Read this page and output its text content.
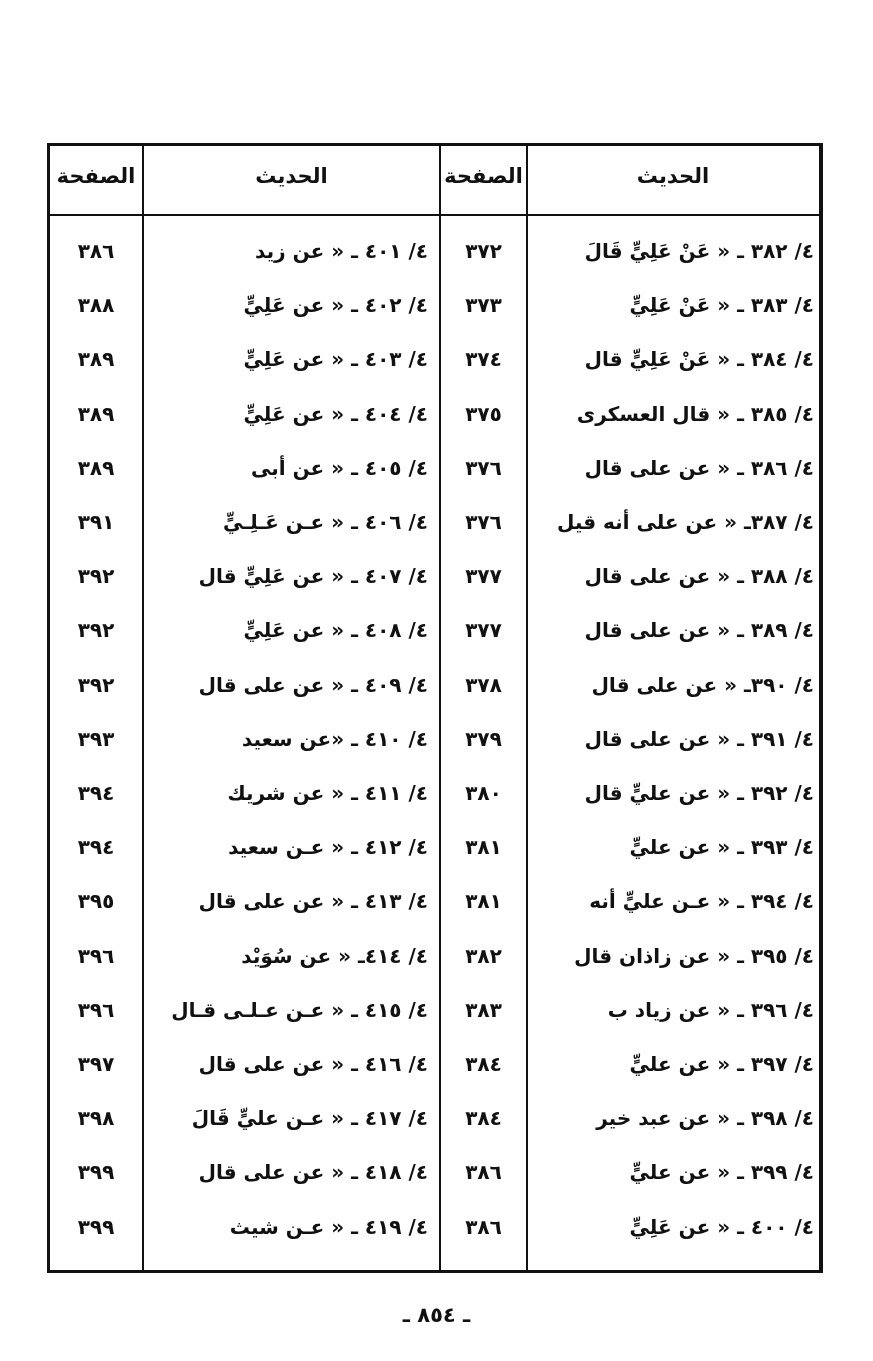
الصفحة	الحديث	الصفحة	الحديث
٣٨٦	٤/ ٤٠١ ـ « عن زيد	٣٧٢	٤/ ٣٨٢ ـ « عَنْ عَلِيٍّ قَالَ
٣٨٨	٤/ ٤٠٢ ـ « عن عَلِيٍّ	٣٧٣	٤/ ٣٨٣ ـ « عَنْ عَلِيٍّ
٣٨٩	٤/ ٤٠٣ ـ « عن عَلِيٍّ	٣٧٤	٤/ ٣٨٤ ـ « عَنْ عَلِيٍّ قال
٣٨٩	٤/ ٤٠٤ ـ « عن عَلِيٍّ	٣٧٥	٤/ ٣٨٥ ـ « قال العسكرى
٣٨٩	٤/ ٤٠٥ ـ « عن أبى	٣٧٦	٤/ ٣٨٦ ـ « عن على قال
٣٩١	٤/ ٤٠٦ ـ « عـن عَـلِـيٍّ	٣٧٦	٤/ ٣٨٧ـ « عن على أنه قيل
٣٩٢	٤/ ٤٠٧ ـ « عن عَلِيٍّ قال	٣٧٧	٤/ ٣٨٨ ـ « عن على قال
٣٩٢	٤/ ٤٠٨ ـ « عن عَلِيٍّ	٣٧٧	٤/ ٣٨٩ ـ « عن على قال
٣٩٢	٤/ ٤٠٩ ـ « عن على قال	٣٧٨	٤/ ٣٩٠ـ « عن على قال
٣٩٣	٤/ ٤١٠ ـ «عن سعيد	٣٧٩	٤/ ٣٩١ ـ « عن على قال
٣٩٤	٤/ ٤١١ ـ « عن شريك	٣٨٠	٤/ ٣٩٢ ـ « عن عليٍّ قال
٣٩٤	٤/ ٤١٢ ـ « عـن سعيد	٣٨١	٤/ ٣٩٣ ـ « عن عليٍّ
٣٩٥	٤/ ٤١٣ ـ « عن على قال	٣٨١	٤/ ٣٩٤ ـ « عـن عليٍّ أنه
٣٩٦	٤/ ٤١٤ـ « عن سُوَيْد	٣٨٢	٤/ ٣٩٥ ـ « عن زاذان قال
٣٩٦	٤/ ٤١٥ ـ « عـن عـلـى قـال	٣٨٣	٤/ ٣٩٦ ـ « عن زياد ب
٣٩٧	٤/ ٤١٦ ـ « عن على قال	٣٨٤	٤/ ٣٩٧ ـ « عن عليٍّ
٣٩٨	٤/ ٤١٧ ـ « عـن عليٍّ قَالَ	٣٨٤	٤/ ٣٩٨ ـ « عن عبد خير
٣٩٩	٤/ ٤١٨ ـ « عن على قال	٣٨٦	٤/ ٣٩٩ ـ « عن عليٍّ
٣٩٩	٤/ ٤١٩ ـ « عـن شيث	٣٨٦	٤/ ٤٠٠ ـ « عن عَلِيٍّ
ـ ٨٥٤ ـ
